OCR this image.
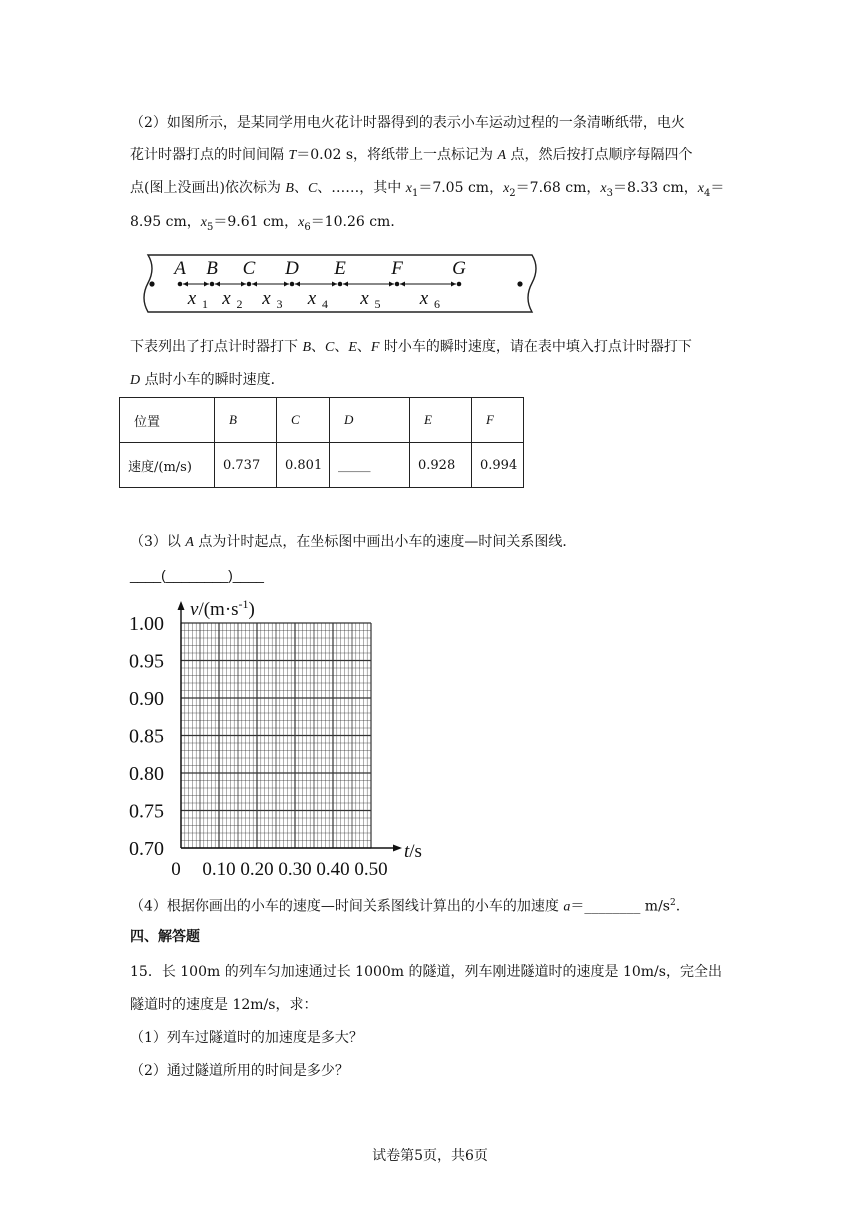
（2）如图所示，是某同学用电火花计时器得到的表示小车运动过程的一条清晰纸带，电火
花计时器打点的时间间隔 T＝0.02 s，将纸带上一点标记为 A 点，然后按打点顺序每隔四个
点(图上没画出)依次标为 B、C、……，其中 $x_1=7.05$ cm，$x_2=7.68$ cm，$x_3=8.33$ cm，$x_4=$
8.95 cm，$x_5=9.61$ cm，$x_6=10.26$ cm．
A B C D E F	G
x 1 x 2 x 3 x 4 x 5 x 6
下表列出了打点计时器打下 B、C、E、F 时小车的瞬时速度，请在表中填入打点计时器打下
D 点时小车的瞬时速度．
位置	B	C	D	E	F
速度/(m/s)	0.737	0.801	_____	0.928	0.994
（3）以 A 点为计时起点，在坐标图中画出小车的速度—时间关系图线．
____(________)____
1.00
0.95
0.90
0.85
0.80
0.75
0.70
0 0.10 0.20 0.30 0.40 0.50
$v/(m\cdot s^{-1})$
t/s
（4）根据你画出的小车的速度—时间关系图线计算出的小车的加速度 a＝________ $m/s^2$.
四、解答题
15．长 100m 的列车匀加速通过长 1000m 的隧道，列车刚进隧道时的速度是 10m/s，完全出
隧道时的速度是 12m/s，求：
（1）列车过隧道时的加速度是多大？
（2）通过隧道所用的时间是多少？
试卷第5页，共6页
